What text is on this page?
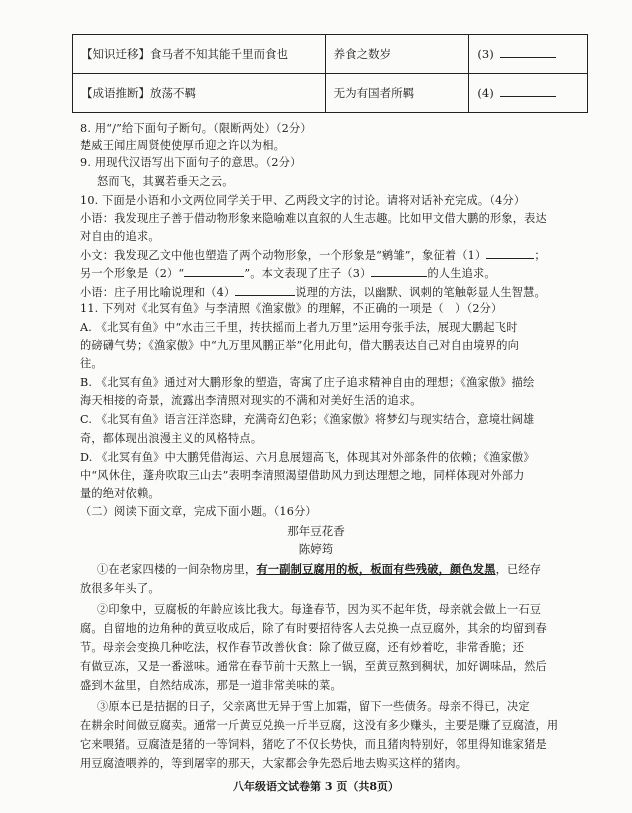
【知识迁移】食马者不知其能千里而食也	养食之数岁	(3)
【成语推断】放荡不羁	无为有国者所羁	(4)
8. 用“/”给下面句子断句。（限断两处）（2分）
楚威王闻庄周贤使使厚币迎之许以为相。
9. 用现代汉语写出下面句子的意思。（2分）
怒而飞，其翼若垂天之云。
10. 下面是小语和小文两位同学关于甲、乙两段文字的讨论。请将对话补充完成。（4分）
小语：我发现庄子善于借动物形象来隐喻难以直叙的人生志趣。比如甲文借大鹏的形象，表达
对自由的追求。
小文：我发现乙文中他也塑造了两个动物形象，一个形象是“鹓雏”，象征着（1）	；
另一个形象是（2）“	”。本文表现了庄子（3）	的人生追求。
小语：庄子用比喻说理和（4）	说理的方法，以幽默、讽刺的笔触彰显人生智慧。
11. 下列对《北冥有鱼》与李清照《渔家傲》的理解，不正确的一项是（　）（2分）
A. 《北冥有鱼》中“水击三千里，抟扶摇而上者九万里”运用夸张手法，展现大鹏起飞时
的磅礴气势；《渔家傲》中“九万里风鹏正举”化用此句，借大鹏表达自己对自由境界的向
往。
B. 《北冥有鱼》通过对大鹏形象的塑造，寄寓了庄子追求精神自由的理想；《渔家傲》描绘
海天相接的奇景，流露出李清照对现实的不满和对美好生活的追求。
C. 《北冥有鱼》语言汪洋恣肆，充满奇幻色彩；《渔家傲》将梦幻与现实结合，意境壮阔雄
奇，都体现出浪漫主义的风格特点。
D. 《北冥有鱼》中大鹏凭借海运、六月息展翅高飞，体现其对外部条件的依赖；《渔家傲》
中“风休住，蓬舟吹取三山去”表明李清照渴望借助风力到达理想之地，同样体现对外部力
量的绝对依赖。
（二）阅读下面文章，完成下面小题。（16分）
那年豆花香
陈婷筠
①在老家四楼的一间杂物房里，有一副制豆腐用的板，板面有些残破，颜色发黑，已经存
放很多年头了。
②印象中，豆腐板的年龄应该比我大。每逢春节，因为买不起年货，母亲就会做上一石豆
腐。自留地的边角种的黄豆收成后，除了有时要招待客人去兑换一点豆腐外，其余的均留到春
节。母亲会变换几种吃法，权作春节改善伙食：除了做豆腐，还有炒着吃，非常香脆；还
有做豆冻，又是一番滋味。通常在春节前十天熬上一锅，至黄豆熬到稠状，加好调味品，然后
盛到木盆里，自然结成冻，那是一道非常美味的菜。
③原本已是拮据的日子，父亲离世无异于雪上加霜，留下一些债务。母亲不得已，决定
在耕余时间做豆腐卖。通常一斤黄豆兑换一斤半豆腐，这没有多少赚头，主要是赚了豆腐渣，用
它来喂猪。豆腐渣是猪的一等饲料，猪吃了不仅长势快，而且猪肉特别好，邻里得知谁家猪是
用豆腐渣喂养的，等到屠宰的那天，大家都会争先恐后地去购买这样的猪肉。
八年级语文试卷第 3 页（共8页）
